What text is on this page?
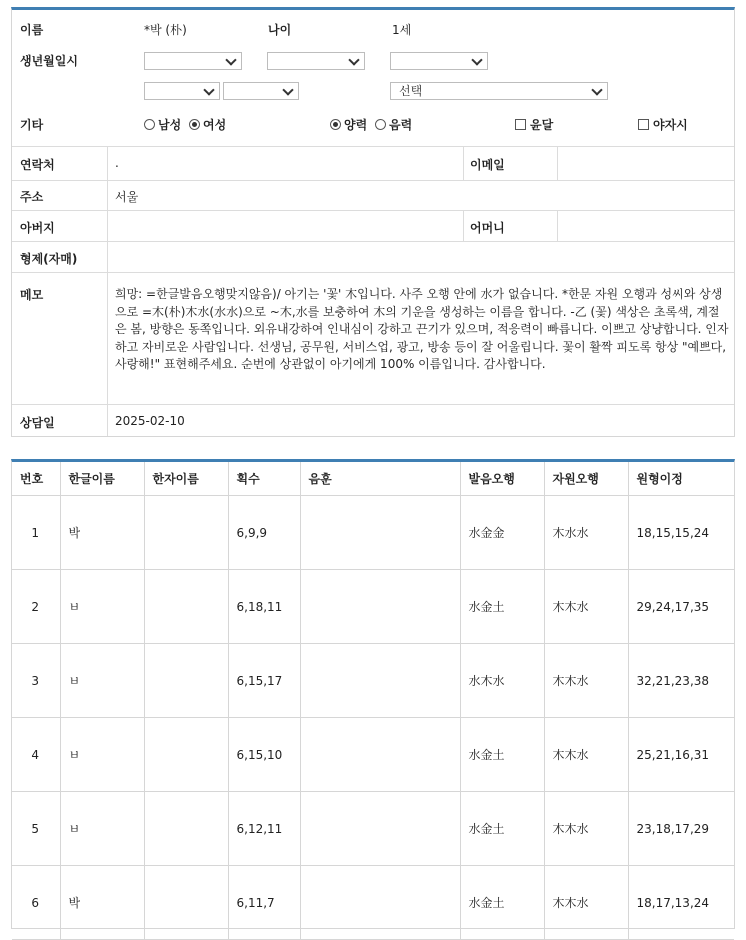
이름	*박 (朴)	나이	1세
생년월일시
선택
기타	남성 여성	양력 음력	윤달	야자시
연락처	.	이메일
주소	서울
아버지	어머니
형제(자매)
메모	희망: =한글발음오행맞지않음)/ 아기는 '꽃' 木입니다. 사주 오행 안에 水가 없습니다. *한문 자원 오행과 성씨와 상생으로 =木(朴)木水(水水)으로 ~木,水를 보충하여 木의 기운을 생성하는 이름을 합니다. -乙 (꽃) 색상은 초록색, 계절은 봄, 방향은 동쪽입니다. 외유내강하여 인내심이 강하고 끈기가 있으며, 적응력이 빠릅니다. 이쁘고 상냥합니다. 인자하고 자비로운 사람입니다. 선생님, 공무원, 서비스업, 광고, 방송 등이 잘 어울립니다. 꽃이 활짝 피도록 항상 "예쁘다, 사랑해!" 표현해주세요. 순번에 상관없이 아기에게 100% 이름입니다. 감사합니다.
상담일	2025-02-10
번호	한글이름	한자이름	획수	음훈	발음오행	자원오행	원형이정
1	박		6,9,9		水金金	木水水	18,15,15,24
2	ㅂ		6,18,11		水金土	木木水	29,24,17,35
3	ㅂ		6,15,17		水木水	木木水	32,21,23,38
4	ㅂ		6,15,10		水金土	木木水	25,21,16,31
5	ㅂ		6,12,11		水金土	木木水	23,18,17,29
6	박		6,11,7		水金土	木木水	18,17,13,24
